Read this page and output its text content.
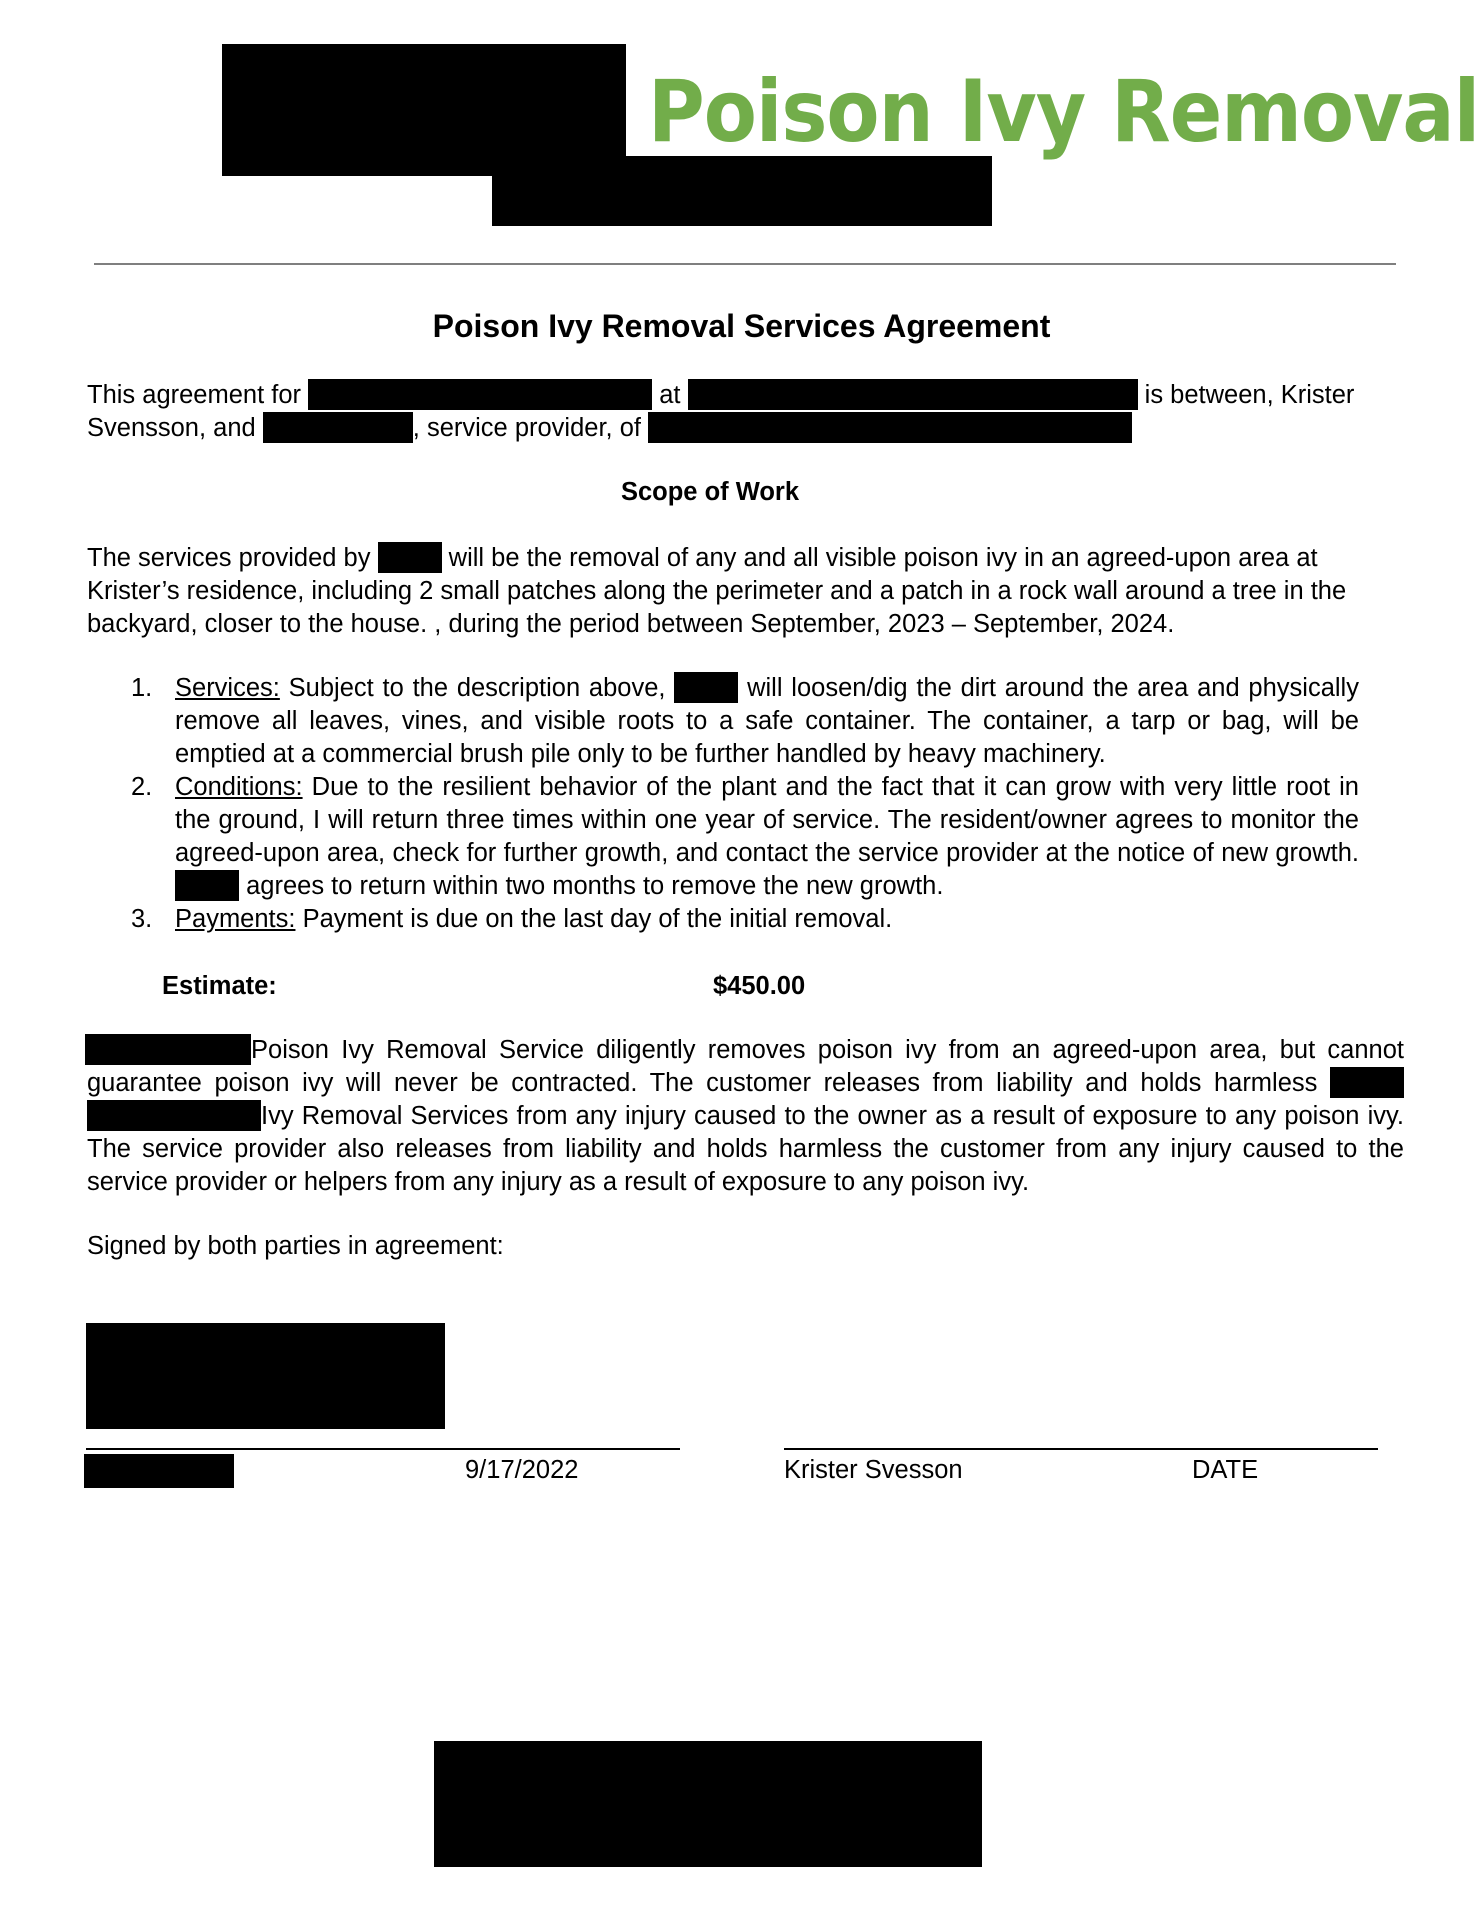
Poison Ivy Removal
Poison Ivy Removal Services Agreement
This agreement for	at	is between, Krister
Svensson, and	, service provider, of
Scope of Work
The services provided by	will be the removal of any and all visible poison ivy in an agreed-upon area at Krister’s residence, including 2 small patches along the perimeter and a patch in a rock wall around a tree in the backyard, closer to the house. , during the period between September, 2023 – September, 2024.
1. Services: Subject to the description above,	will loosen/dig the dirt around the area and physically remove all leaves, vines, and visible roots to a safe container. The container, a tarp or bag, will be emptied at a commercial brush pile only to be further handled by heavy machinery.
2. Conditions: Due to the resilient behavior of the plant and the fact that it can grow with very little root in the ground, I will return three times within one year of service. The resident/owner agrees to monitor the agreed-upon area, check for further growth, and contact the service provider at the notice of new growth.  agrees to return within two months to remove the new growth.
3. Payments: Payment is due on the last day of the initial removal.
Estimate:	$450.00
Poison Ivy Removal Service diligently removes poison ivy from an agreed-upon area, but cannot guarantee poison ivy will never be contracted. The customer releases from liability and holds harmless  Ivy Removal Services from any injury caused to the owner as a result of exposure to any poison ivy. The service provider also releases from liability and holds harmless the customer from any injury caused to the service provider or helpers from any injury as a result of exposure to any poison ivy.
Signed by both parties in agreement:
9/17/2022	Krister Svesson	DATE
